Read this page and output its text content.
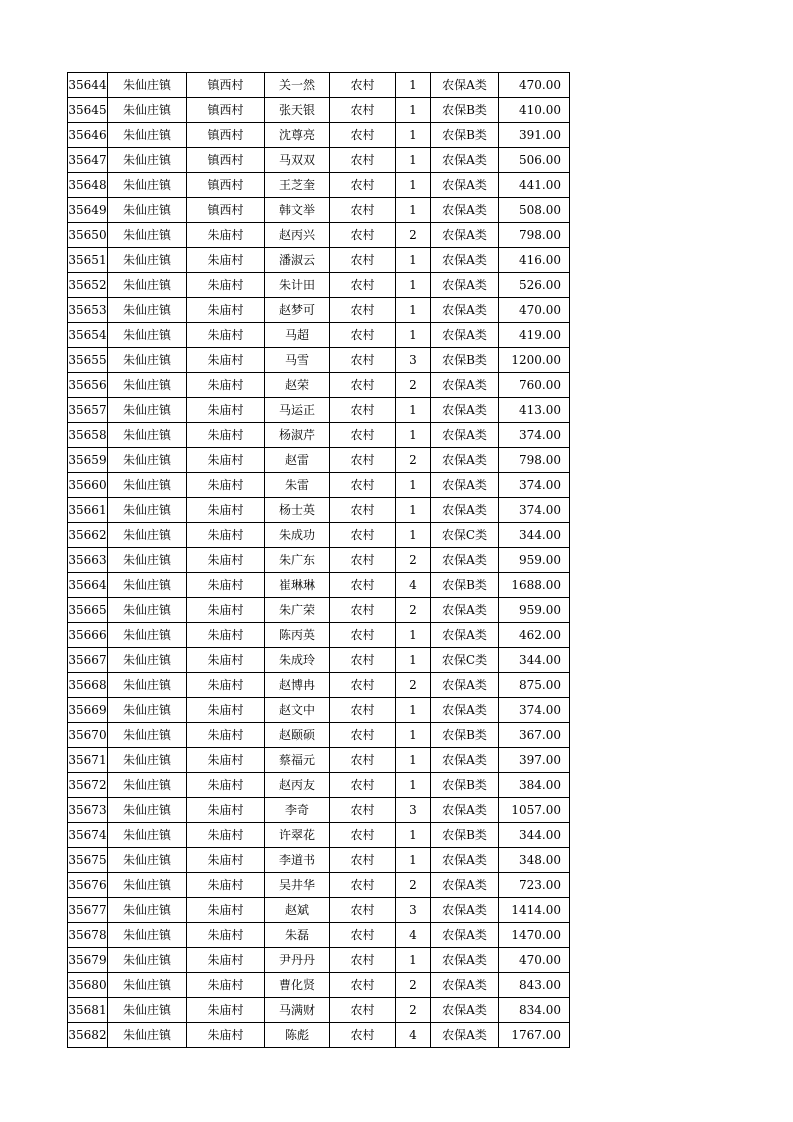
35644	朱仙庄镇	镇西村	关一然	农村	1	农保A类	470.00
35645	朱仙庄镇	镇西村	张天银	农村	1	农保B类	410.00
35646	朱仙庄镇	镇西村	沈尊亮	农村	1	农保B类	391.00
35647	朱仙庄镇	镇西村	马双双	农村	1	农保A类	506.00
35648	朱仙庄镇	镇西村	王芝奎	农村	1	农保A类	441.00
35649	朱仙庄镇	镇西村	韩文举	农村	1	农保A类	508.00
35650	朱仙庄镇	朱庙村	赵丙兴	农村	2	农保A类	798.00
35651	朱仙庄镇	朱庙村	潘淑云	农村	1	农保A类	416.00
35652	朱仙庄镇	朱庙村	朱计田	农村	1	农保A类	526.00
35653	朱仙庄镇	朱庙村	赵梦可	农村	1	农保A类	470.00
35654	朱仙庄镇	朱庙村	马超	农村	1	农保A类	419.00
35655	朱仙庄镇	朱庙村	马雪	农村	3	农保B类	1200.00
35656	朱仙庄镇	朱庙村	赵荣	农村	2	农保A类	760.00
35657	朱仙庄镇	朱庙村	马运正	农村	1	农保A类	413.00
35658	朱仙庄镇	朱庙村	杨淑芹	农村	1	农保A类	374.00
35659	朱仙庄镇	朱庙村	赵雷	农村	2	农保A类	798.00
35660	朱仙庄镇	朱庙村	朱雷	农村	1	农保A类	374.00
35661	朱仙庄镇	朱庙村	杨士英	农村	1	农保A类	374.00
35662	朱仙庄镇	朱庙村	朱成功	农村	1	农保C类	344.00
35663	朱仙庄镇	朱庙村	朱广东	农村	2	农保A类	959.00
35664	朱仙庄镇	朱庙村	崔琳琳	农村	4	农保B类	1688.00
35665	朱仙庄镇	朱庙村	朱广荣	农村	2	农保A类	959.00
35666	朱仙庄镇	朱庙村	陈丙英	农村	1	农保A类	462.00
35667	朱仙庄镇	朱庙村	朱成玲	农村	1	农保C类	344.00
35668	朱仙庄镇	朱庙村	赵博冉	农村	2	农保A类	875.00
35669	朱仙庄镇	朱庙村	赵文中	农村	1	农保A类	374.00
35670	朱仙庄镇	朱庙村	赵颐硕	农村	1	农保B类	367.00
35671	朱仙庄镇	朱庙村	蔡福元	农村	1	农保A类	397.00
35672	朱仙庄镇	朱庙村	赵丙友	农村	1	农保B类	384.00
35673	朱仙庄镇	朱庙村	李奇	农村	3	农保A类	1057.00
35674	朱仙庄镇	朱庙村	许翠花	农村	1	农保B类	344.00
35675	朱仙庄镇	朱庙村	李道书	农村	1	农保A类	348.00
35676	朱仙庄镇	朱庙村	吴井华	农村	2	农保A类	723.00
35677	朱仙庄镇	朱庙村	赵斌	农村	3	农保A类	1414.00
35678	朱仙庄镇	朱庙村	朱磊	农村	4	农保A类	1470.00
35679	朱仙庄镇	朱庙村	尹丹丹	农村	1	农保A类	470.00
35680	朱仙庄镇	朱庙村	曹化贤	农村	2	农保A类	843.00
35681	朱仙庄镇	朱庙村	马满财	农村	2	农保A类	834.00
35682	朱仙庄镇	朱庙村	陈彪	农村	4	农保A类	1767.00
